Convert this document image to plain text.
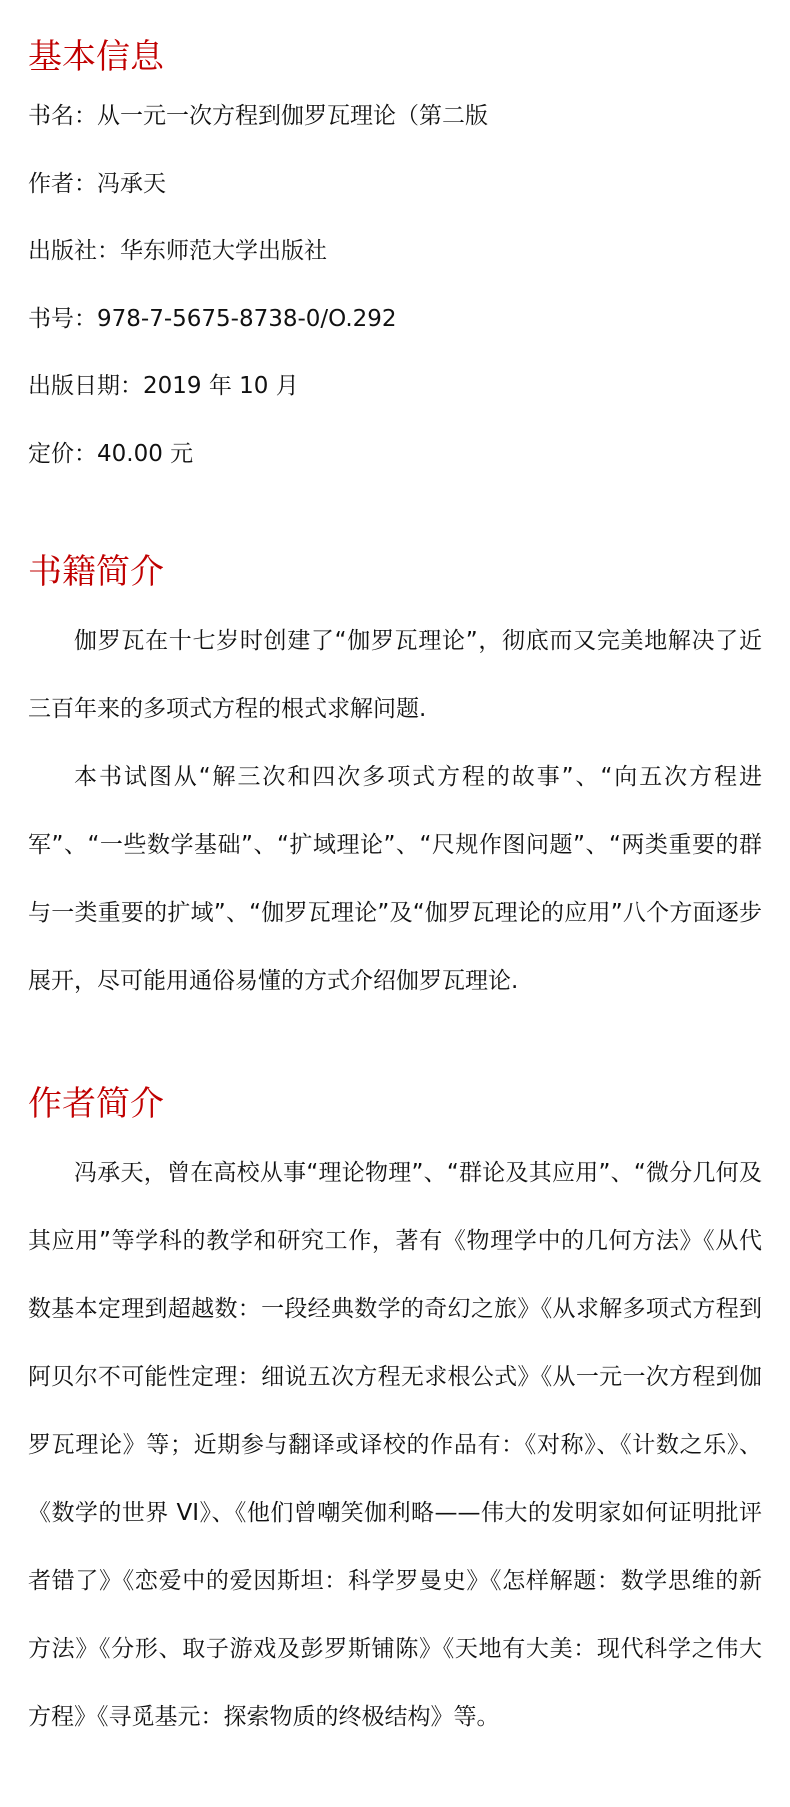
基本信息
书名：从一元一次方程到伽罗瓦理论（第二版
作者：冯承天
出版社：华东师范大学出版社
书号：978-7-5675-8738-0/O.292
出版日期：2019 年 10 月
定价：40.00 元
书籍简介

伽罗瓦在十七岁时创建了“伽罗瓦理论”，彻底而又完美地解决了近三百年来的多项式方程的根式求解问题.

本书试图从“解三次和四次多项式方程的故事”、“向五次方程进军”、“一些数学基础”、“扩域理论”、“尺规作图问题”、“两类重要的群与一类重要的扩域”、“伽罗瓦理论”及“伽罗瓦理论的应用”八个方面逐步展开，尽可能用通俗易懂的方式介绍伽罗瓦理论.

作者简介

冯承天，曾在高校从事“理论物理”、“群论及其应用”、“微分几何及其应用”等学科的教学和研究工作，著有《物理学中的几何方法》《从代数基本定理到超越数：一段经典数学的奇幻之旅》《从求解多项式方程到阿贝尔不可能性定理：细说五次方程无求根公式》《从一元一次方程到伽罗瓦理论》等；近期参与翻译或译校的作品有：《对称》、《计数之乐》、《数学的世界 VI》、《他们曾嘲笑伽利略——伟大的发明家如何证明批评者错了》《恋爱中的爱因斯坦：科学罗曼史》《怎样解题：数学思维的新方法》《分形、取子游戏及彭罗斯铺陈》《天地有大美：现代科学之伟大方程》《寻觅基元：探索物质的终极结构》等。
